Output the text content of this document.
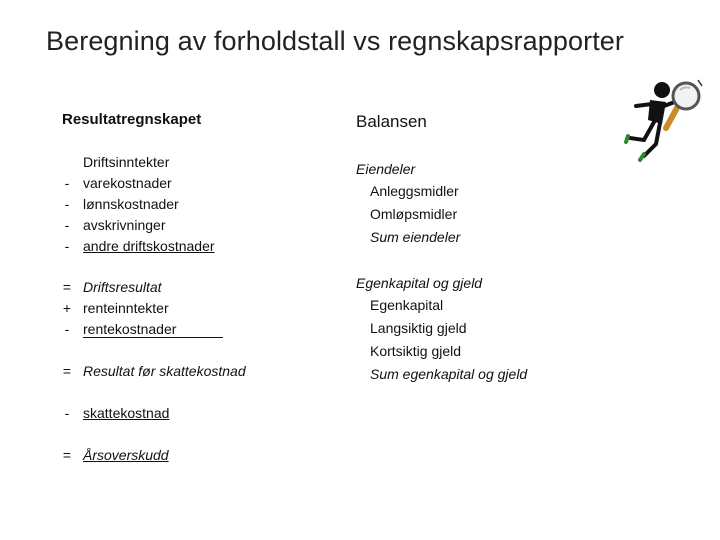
Beregning av forholdstall vs regnskapsrapporter
Resultatregnskapet
Driftsinntekter
- varekostnader
- lønnskostnader
- avskrivninger
- andre driftskostnader
= Driftsresultat
+ renteinntekter
- rentekostnader
= Resultat før skattekostnad
- skattekostnad
= Årsoverskudd
Balansen
Eiendeler
Anleggsmidler
Omløpsmidler
Sum eiendeler
Egenkapital og gjeld
Egenkapital
Langsiktig gjeld
Kortsiktig gjeld
Sum egenkapital og gjeld
